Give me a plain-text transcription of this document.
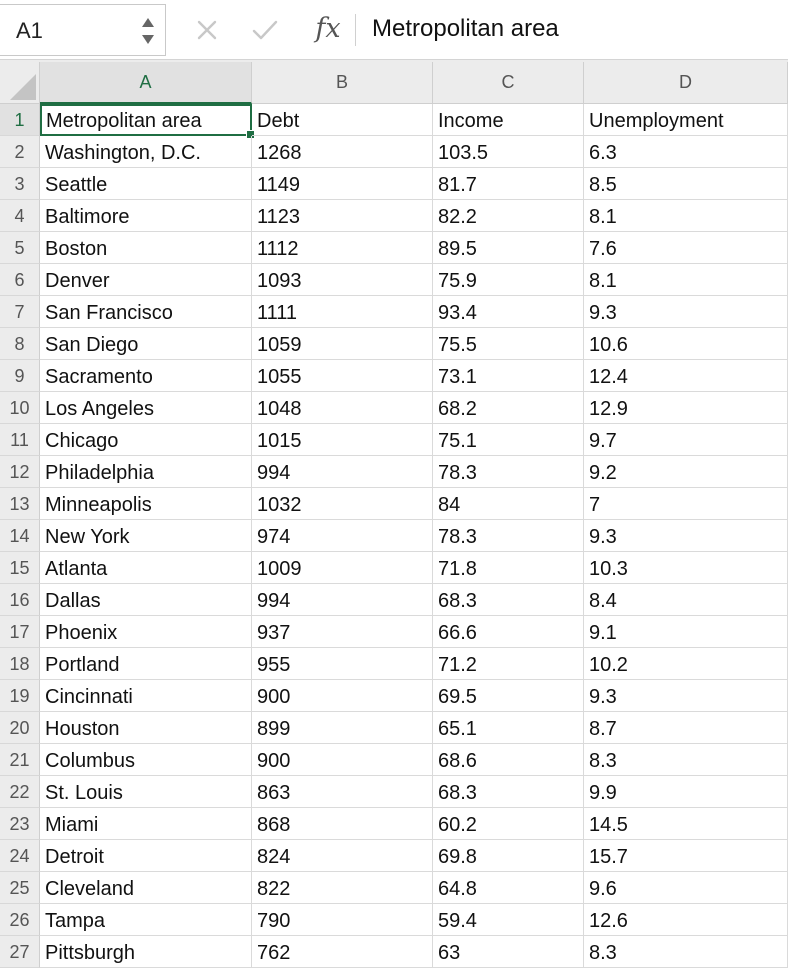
A1	fx	Metropolitan area
A	B	C	D
1	Metropolitan area	Debt	Income	Unemployment
2	Washington, D.C.	1268	103.5	6.3
3	Seattle	1149	81.7	8.5
4	Baltimore	1123	82.2	8.1
5	Boston	1112	89.5	7.6
6	Denver	1093	75.9	8.1
7	San Francisco	1111	93.4	9.3
8	San Diego	1059	75.5	10.6
9	Sacramento	1055	73.1	12.4
10 Los Angeles	1048	68.2	12.9
11 Chicago	1015	75.1	9.7
12 Philadelphia	994	78.3	9.2
13 Minneapolis	1032	84	7
14 New York	974	78.3	9.3
15 Atlanta	1009	71.8	10.3
16 Dallas	994	68.3	8.4
17 Phoenix	937	66.6	9.1
18 Portland	955	71.2	10.2
19 Cincinnati	900	69.5	9.3
20 Houston	899	65.1	8.7
21 Columbus	900	68.6	8.3
22 St. Louis	863	68.3	9.9
23 Miami	868	60.2	14.5
24 Detroit	824	69.8	15.7
25 Cleveland	822	64.8	9.6
26 Tampa	790	59.4	12.6
27 Pittsburgh	762	63	8.3
